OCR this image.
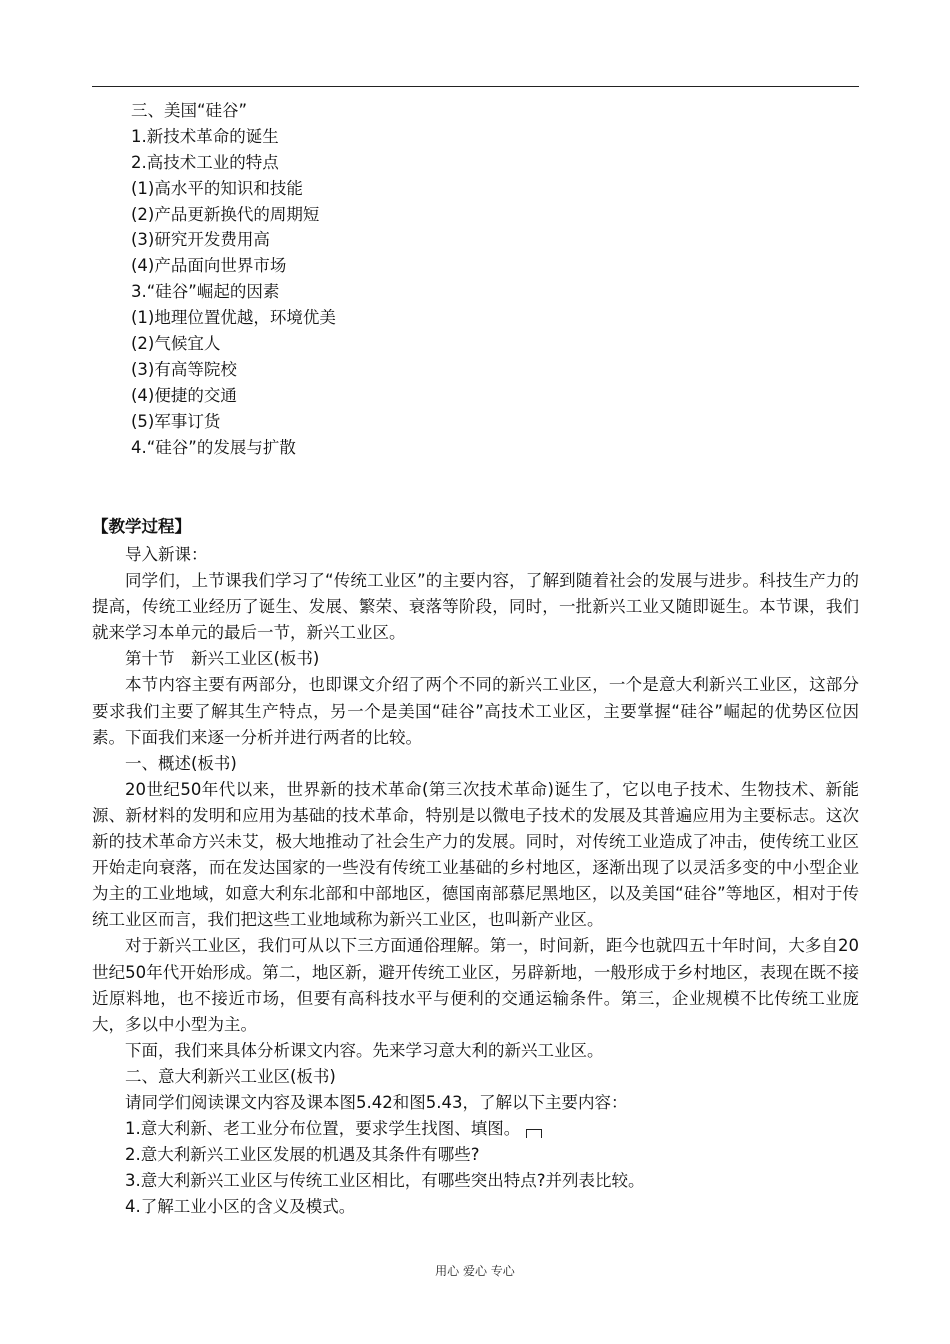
三、美国“硅谷”
1.新技术革命的诞生
2.高技术工业的特点
(1)高水平的知识和技能
(2)产品更新换代的周期短
(3)研究开发费用高
(4)产品面向世界市场
3.“硅谷”崛起的因素
(1)地理位置优越，环境优美
(2)气候宜人
(3)有高等院校
(4)便捷的交通
(5)军事订货
4.“硅谷”的发展与扩散
【教学过程】

导入新课：

同学们，上节课我们学习了“传统工业区”的主要内容，了解到随着社会的发展与进步。科技生产力的提高，传统工业经历了诞生、发展、繁荣、衰落等阶段，同时，一批新兴工业又随即诞生。本节课，我们就来学习本单元的最后一节，新兴工业区。

第十节　新兴工业区(板书)

本节内容主要有两部分，也即课文介绍了两个不同的新兴工业区，一个是意大利新兴工业区，这部分要求我们主要了解其生产特点，另一个是美国“硅谷”高技术工业区，主要掌握“硅谷”崛起的优势区位因素。下面我们来逐一分析并进行两者的比较。

一、概述(板书)

20世纪50年代以来，世界新的技术革命(第三次技术革命)诞生了，它以电子技术、生物技术、新能源、新材料的发明和应用为基础的技术革命，特别是以微电子技术的发展及其普遍应用为主要标志。这次新的技术革命方兴未艾，极大地推动了社会生产力的发展。同时，对传统工业造成了冲击，使传统工业区开始走向衰落，而在发达国家的一些没有传统工业基础的乡村地区，逐渐出现了以灵活多变的中小型企业为主的工业地域，如意大利东北部和中部地区，德国南部慕尼黑地区，以及美国“硅谷”等地区，相对于传统工业区而言，我们把这些工业地域称为新兴工业区，也叫新产业区。

对于新兴工业区，我们可从以下三方面通俗理解。第一，时间新，距今也就四五十年时间，大多自20世纪50年代开始形成。第二，地区新，避开传统工业区，另辟新地，一般形成于乡村地区，表现在既不接近原料地，也不接近市场，但要有高科技水平与便利的交通运输条件。第三，企业规模不比传统工业庞大，多以中小型为主。

下面，我们来具体分析课文内容。先来学习意大利的新兴工业区。

二、意大利新兴工业区(板书)

请同学们阅读课文内容及课本图5.42和图5.43，了解以下主要内容：

1.意大利新、老工业分布位置，要求学生找图、填图。

2.意大利新兴工业区发展的机遇及其条件有哪些?

3.意大利新兴工业区与传统工业区相比，有哪些突出特点?并列表比较。

4.了解工业小区的含义及模式。

用心 爱心 专心
